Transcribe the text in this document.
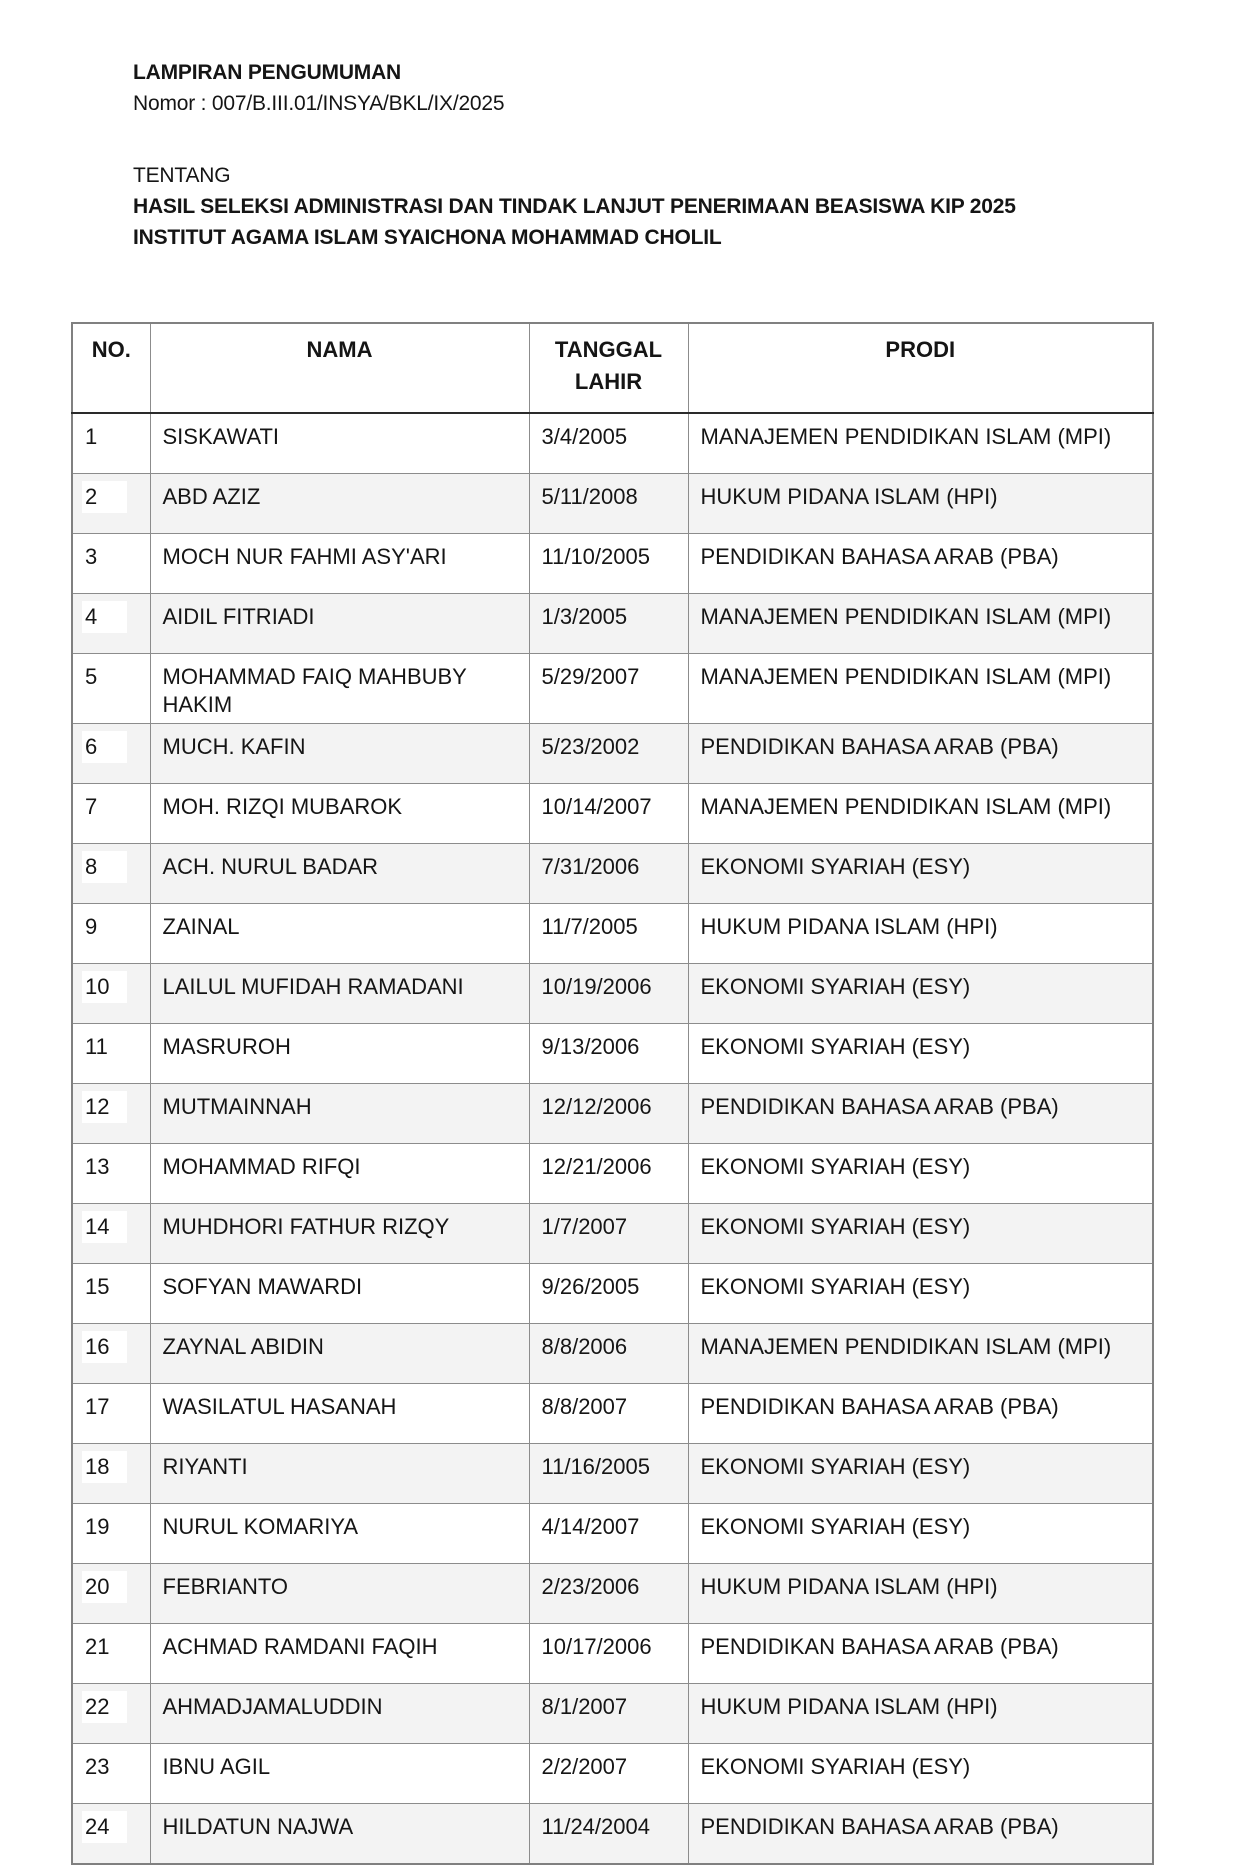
LAMPIRAN PENGUMUMAN
Nomor : 007/B.III.01/INSYA/BKL/IX/2025
TENTANG
HASIL SELEKSI ADMINISTRASI DAN TINDAK LANJUT PENERIMAAN BEASISWA KIP 2025
INSTITUT AGAMA ISLAM SYAICHONA MOHAMMAD CHOLIL
NO.	NAMA	TANGGAL LAHIR	PRODI
1	SISKAWATI	3/4/2005	MANAJEMEN PENDIDIKAN ISLAM (MPI)
2	ABD AZIZ	5/11/2008	HUKUM PIDANA ISLAM (HPI)
3	MOCH NUR FAHMI ASY'ARI	11/10/2005	PENDIDIKAN BAHASA ARAB (PBA)
4	AIDIL FITRIADI	1/3/2005	MANAJEMEN PENDIDIKAN ISLAM (MPI)
5	MOHAMMAD FAIQ MAHBUBY HAKIM	5/29/2007	MANAJEMEN PENDIDIKAN ISLAM (MPI)
6	MUCH. KAFIN	5/23/2002	PENDIDIKAN BAHASA ARAB (PBA)
7	MOH. RIZQI MUBAROK	10/14/2007	MANAJEMEN PENDIDIKAN ISLAM (MPI)
8	ACH. NURUL BADAR	7/31/2006	EKONOMI SYARIAH (ESY)
9	ZAINAL	11/7/2005	HUKUM PIDANA ISLAM (HPI)
10	LAILUL MUFIDAH RAMADANI	10/19/2006	EKONOMI SYARIAH (ESY)
11	MASRUROH	9/13/2006	EKONOMI SYARIAH (ESY)
12	MUTMAINNAH	12/12/2006	PENDIDIKAN BAHASA ARAB (PBA)
13	MOHAMMAD RIFQI	12/21/2006	EKONOMI SYARIAH (ESY)
14	MUHDHORI FATHUR RIZQY	1/7/2007	EKONOMI SYARIAH (ESY)
15	SOFYAN MAWARDI	9/26/2005	EKONOMI SYARIAH (ESY)
16	ZAYNAL ABIDIN	8/8/2006	MANAJEMEN PENDIDIKAN ISLAM (MPI)
17	WASILATUL HASANAH	8/8/2007	PENDIDIKAN BAHASA ARAB (PBA)
18	RIYANTI	11/16/2005	EKONOMI SYARIAH (ESY)
19	NURUL KOMARIYA	4/14/2007	EKONOMI SYARIAH (ESY)
20	FEBRIANTO	2/23/2006	HUKUM PIDANA ISLAM (HPI)
21	ACHMAD RAMDANI FAQIH	10/17/2006	PENDIDIKAN BAHASA ARAB (PBA)
22	AHMADJAMALUDDIN	8/1/2007	HUKUM PIDANA ISLAM (HPI)
23	IBNU AGIL	2/2/2007	EKONOMI SYARIAH (ESY)
24	HILDATUN NAJWA	11/24/2004	PENDIDIKAN BAHASA ARAB (PBA)
